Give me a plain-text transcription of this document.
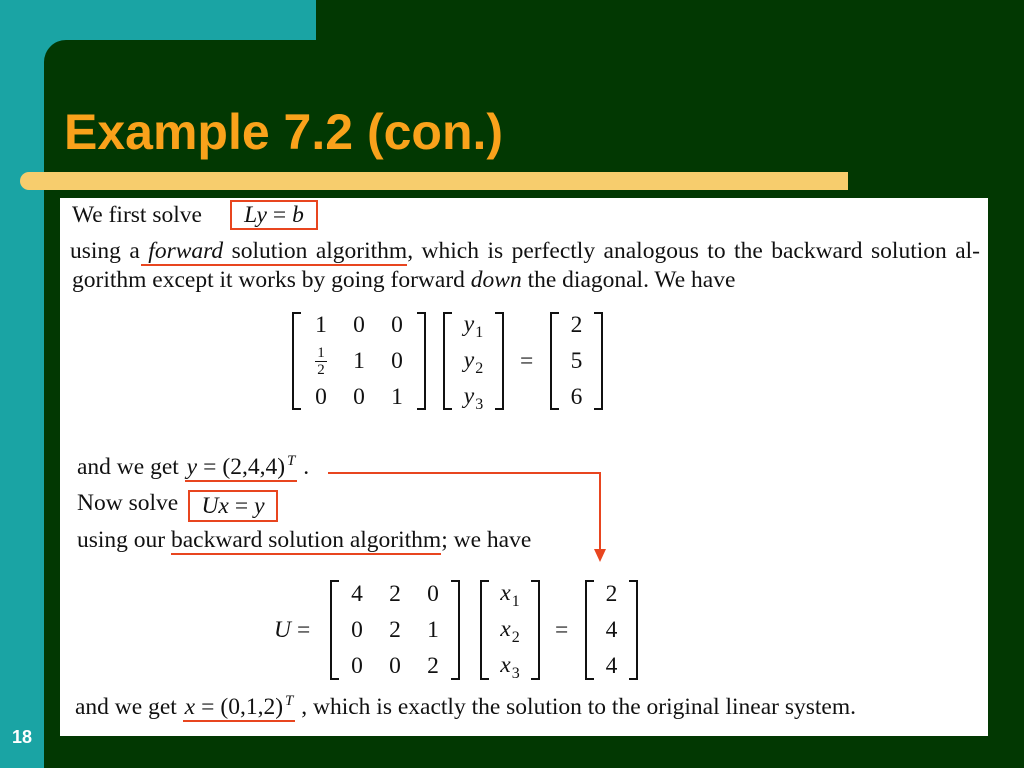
Example 7.2 (con.)
We first solve Ly = b
using a forward solution algorithm, which is perfectly analogous to the backward solution al-
gorithm except it works by going forward down the diagonal. We have
1 0 0
$\frac{1}{2} 1$ 0
0 0 1
$y_1$
$y_2$
$y_3$
=
2
5
6
and we get y = (2,4,4) $^T$ .
Now solve Ux = y
using our backward solution algorithm; we have
U =
4 2 0
0 2 1
0 0 2
$x_1$
$x_2$
$x_3$
=
2
4
4
and we get x = (0,1,2) $^T$ , which is exactly the solution to the original linear system.
18
